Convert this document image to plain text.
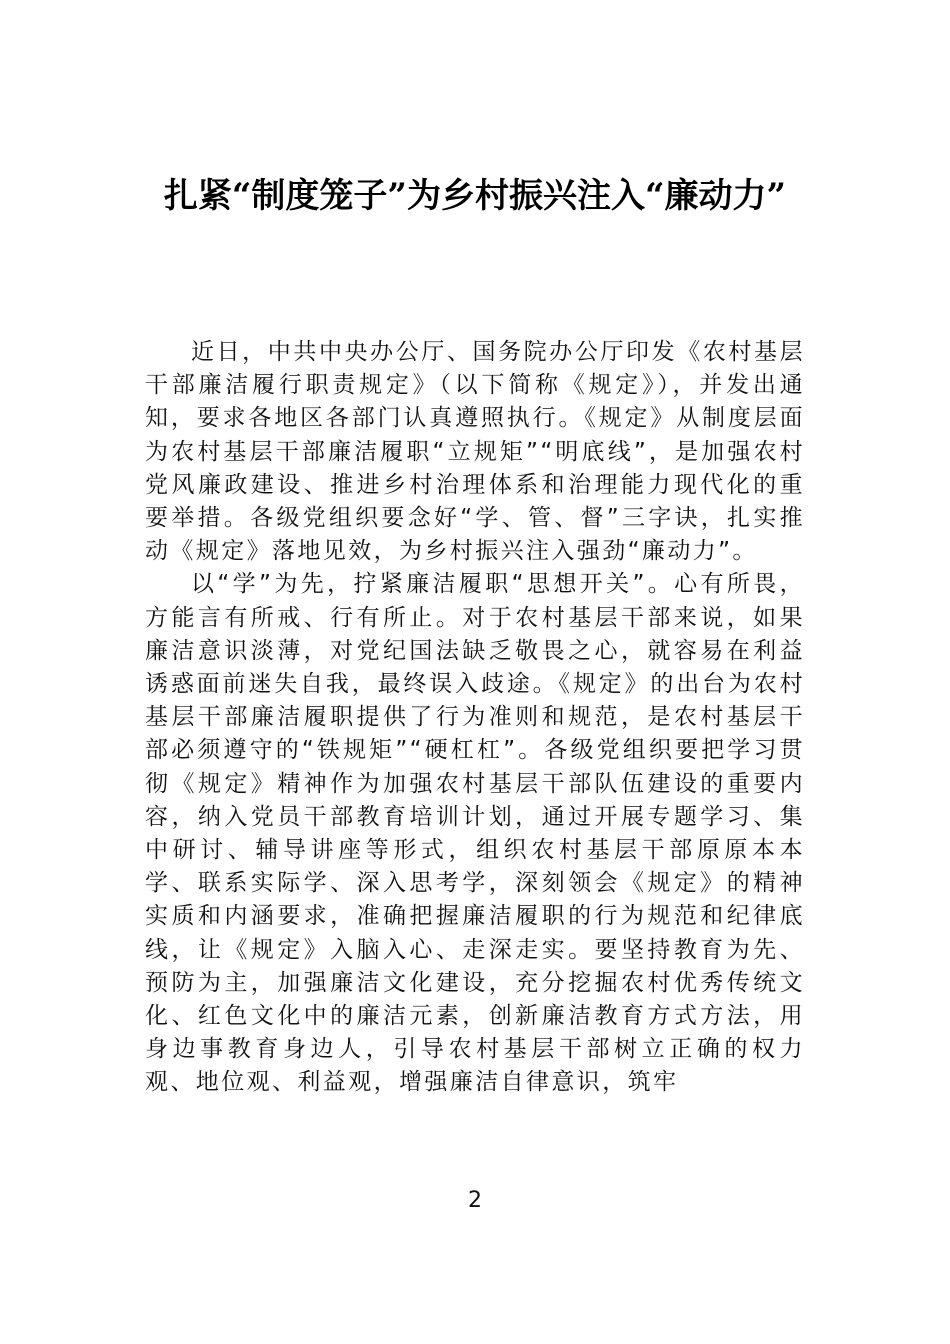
扎紧“制度笼子”为乡村振兴注入“廉动力”

近日，中共中央办公厅、国务院办公厅印发《农村基层干部廉洁履行职责规定》（以下简称《规定》），并发出通知，要求各地区各部门认真遵照执行。《规定》从制度层面为农村基层干部廉洁履职“立规矩”“明底线”，是加强农村党风廉政建设、推进乡村治理体系和治理能力现代化的重要举措。各级党组织要念好“学、管、督”三字诀，扎实推动《规定》落地见效，为乡村振兴注入强劲“廉动力”。

以“学”为先，拧紧廉洁履职“思想开关”。心有所畏，方能言有所戒、行有所止。对于农村基层干部来说，如果廉洁意识淡薄，对党纪国法缺乏敬畏之心，就容易在利益诱惑面前迷失自我，最终误入歧途。《规定》的出台为农村基层干部廉洁履职提供了行为准则和规范，是农村基层干部必须遵守的“铁规矩”“硬杠杠”。各级党组织要把学习贯彻《规定》精神作为加强农村基层干部队伍建设的重要内容，纳入党员干部教育培训计划，通过开展专题学习、集中研讨、辅导讲座等形式，组织农村基层干部原原本本学、联系实际学、深入思考学，深刻领会《规定》的精神实质和内涵要求，准确把握廉洁履职的行为规范和纪律底线，让《规定》入脑入心、走深走实。要坚持教育为先、预防为主，加强廉洁文化建设，充分挖掘农村优秀传统文化、红色文化中的廉洁元素，创新廉洁教育方式方法，用身边事教育身边人，引导农村基层干部树立正确的权力观、地位观、利益观，增强廉洁自律意识，筑牢

2
